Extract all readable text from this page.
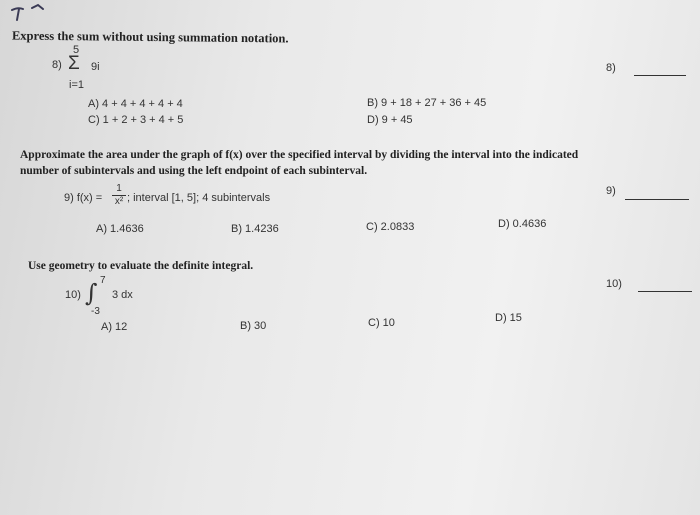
Express the sum without using summation notation.
8)
5
Σ 9i
i=1
8)
A) 4 + 4 + 4 + 4 + 4	B) 9 + 18 + 27 + 36 + 45
C) 1 + 2 + 3 + 4 + 5	D) 9 + 45
Approximate the area under the graph of f(x) over the specified interval by dividing the interval into the indicated
number of subintervals and using the left endpoint of each subinterval.
9) f(x) =
1
x² ; interval [1, 5]; 4 subintervals
9)
A) 1.4636	B) 1.4236	C) 2.0833	D) 0.4636
Use geometry to evaluate the definite integral.
10) ∫ 7
-3
3 dx
10)
A) 12	B) 30	C) 10	D) 15
